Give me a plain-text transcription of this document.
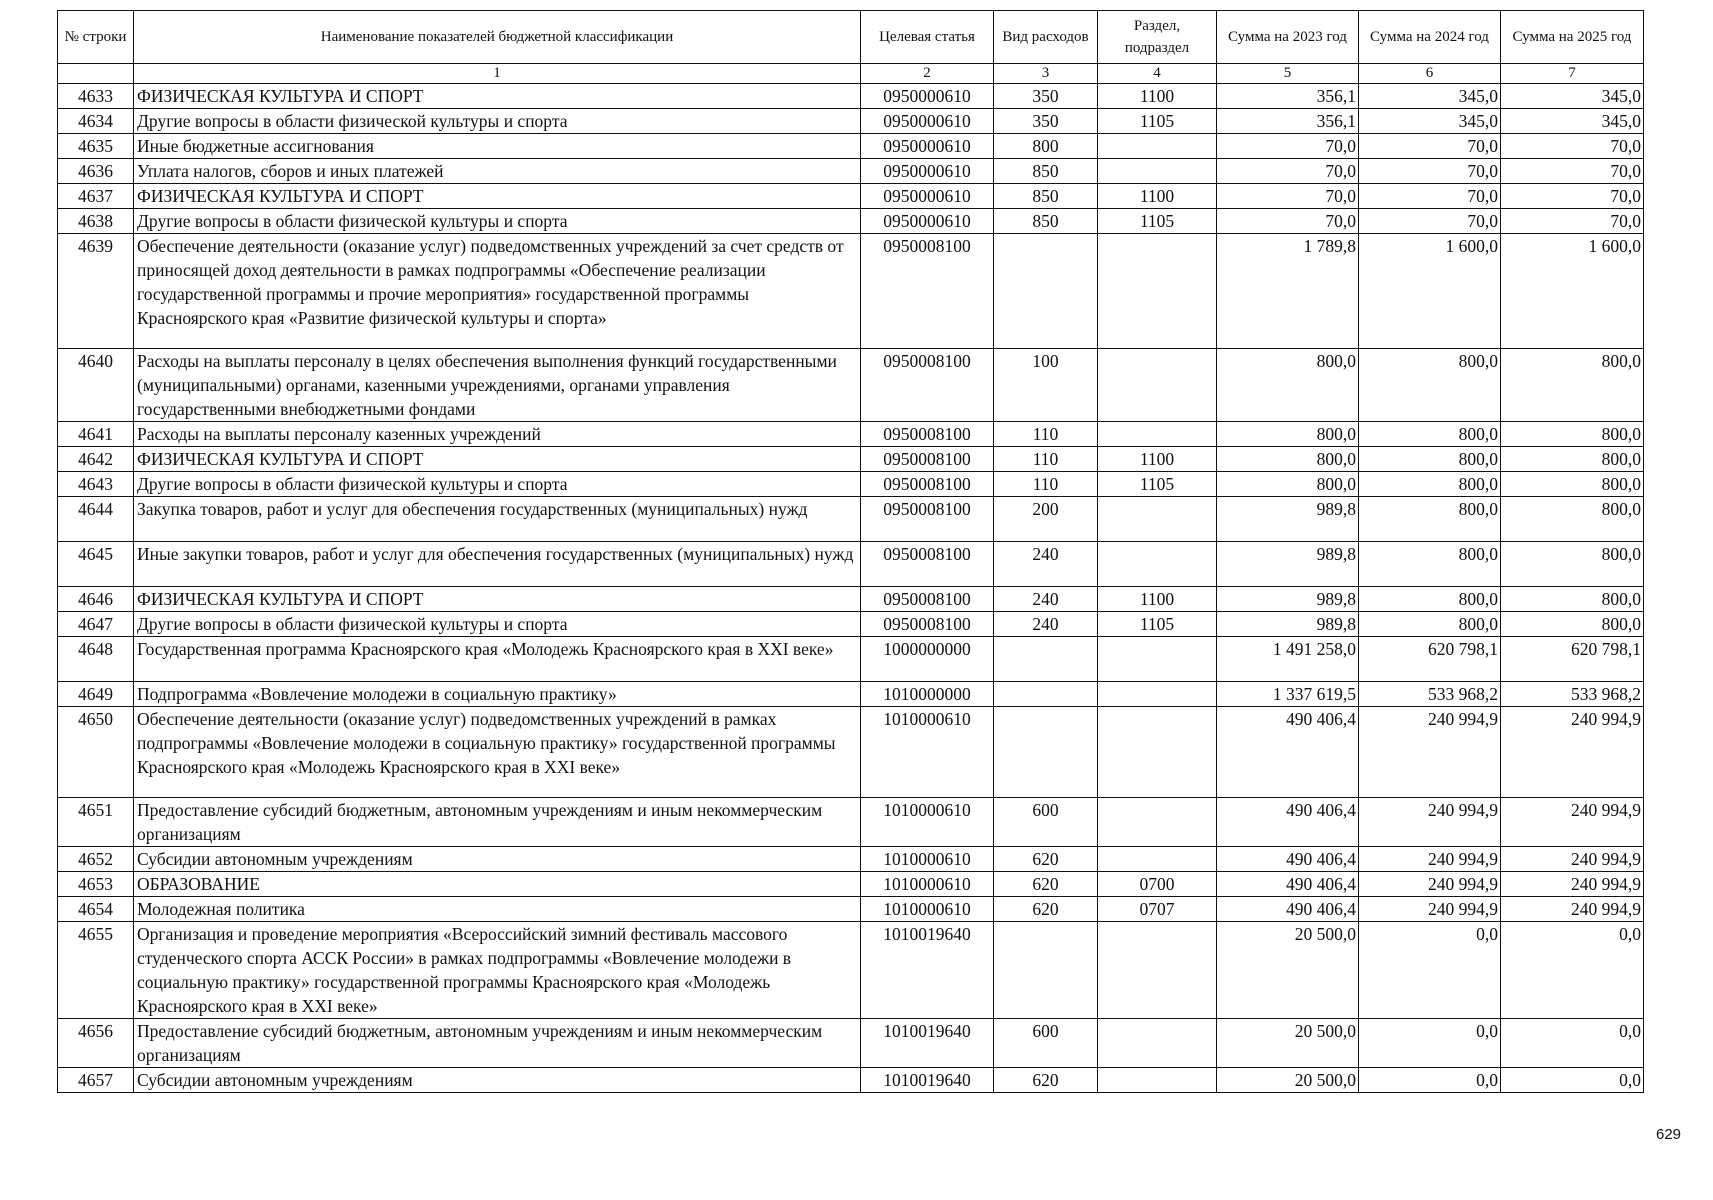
№ строки	Наименование показателей бюджетной классификации	Целевая статья	Вид расходов	Раздел, подраздел	Сумма на 2023 год	Сумма на 2024 год	Сумма на 2025 год
	1	2	3	4	5	6	7
4633	ФИЗИЧЕСКАЯ КУЛЬТУРА И СПОРТ	0950000610	350	1100	356,1	345,0	345,0
4634	Другие вопросы в области физической культуры и спорта	0950000610	350	1105	356,1	345,0	345,0
4635	Иные бюджетные ассигнования	0950000610	800		70,0	70,0	70,0
4636	Уплата налогов, сборов и иных платежей	0950000610	850		70,0	70,0	70,0
4637	ФИЗИЧЕСКАЯ КУЛЬТУРА И СПОРТ	0950000610	850	1100	70,0	70,0	70,0
4638	Другие вопросы в области физической культуры и спорта	0950000610	850	1105	70,0	70,0	70,0
4639	Обеспечение деятельности (оказание услуг) подведомственных учреждений за счет средств от приносящей доход деятельности в рамках подпрограммы «Обеспечение реализации государственной программы и прочие мероприятия» государственной программы Красноярского края «Развитие физической культуры и спорта»	0950008100			1 789,8	1 600,0	1 600,0
4640	Расходы на выплаты персоналу в целях обеспечения выполнения функций государственными (муниципальными) органами, казенными учреждениями, органами управления государственными внебюджетными фондами	0950008100	100		800,0	800,0	800,0
4641	Расходы на выплаты персоналу казенных учреждений	0950008100	110		800,0	800,0	800,0
4642	ФИЗИЧЕСКАЯ КУЛЬТУРА И СПОРТ	0950008100	110	1100	800,0	800,0	800,0
4643	Другие вопросы в области физической культуры и спорта	0950008100	110	1105	800,0	800,0	800,0
4644	Закупка товаров, работ и услуг для обеспечения государственных (муниципальных) нужд	0950008100	200		989,8	800,0	800,0
4645	Иные закупки товаров, работ и услуг для обеспечения государственных (муниципальных) нужд	0950008100	240		989,8	800,0	800,0
4646	ФИЗИЧЕСКАЯ КУЛЬТУРА И СПОРТ	0950008100	240	1100	989,8	800,0	800,0
4647	Другие вопросы в области физической культуры и спорта	0950008100	240	1105	989,8	800,0	800,0
4648	Государственная программа Красноярского края «Молодежь Красноярского края в XXI веке»	1000000000			1 491 258,0	620 798,1	620 798,1
4649	Подпрограмма «Вовлечение молодежи в социальную практику»	1010000000			1 337 619,5	533 968,2	533 968,2
4650	Обеспечение деятельности (оказание услуг) подведомственных учреждений в рамках подпрограммы «Вовлечение молодежи в социальную практику» государственной программы Красноярского края «Молодежь Красноярского края в XXI веке»	1010000610			490 406,4	240 994,9	240 994,9
4651	Предоставление субсидий бюджетным, автономным учреждениям и иным некоммерческим организациям	1010000610	600		490 406,4	240 994,9	240 994,9
4652	Субсидии автономным учреждениям	1010000610	620		490 406,4	240 994,9	240 994,9
4653	ОБРАЗОВАНИЕ	1010000610	620	0700	490 406,4	240 994,9	240 994,9
4654	Молодежная политика	1010000610	620	0707	490 406,4	240 994,9	240 994,9
4655	Организация и проведение мероприятия «Всероссийский зимний фестиваль массового студенческого спорта АССК России» в рамках подпрограммы «Вовлечение молодежи в социальную практику» государственной программы Красноярского края «Молодежь Красноярского края в XXI веке»	1010019640			20 500,0	0,0	0,0
4656	Предоставление субсидий бюджетным, автономным учреждениям и иным некоммерческим организациям	1010019640	600		20 500,0	0,0	0,0
4657	Субсидии автономным учреждениям	1010019640	620		20 500,0	0,0	0,0
629
